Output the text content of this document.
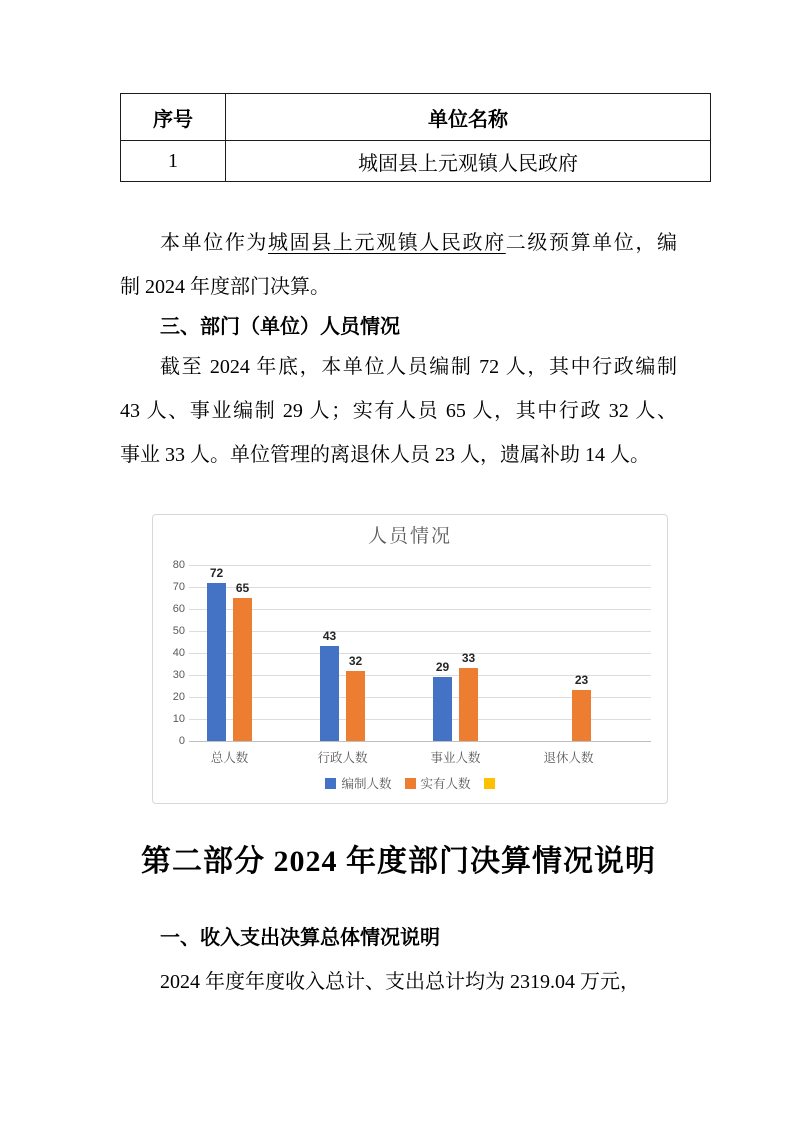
序号	单位名称
1	城固县上元观镇人民政府
本单位作为城固县上元观镇人民政府二级预算单位，编
制 2024 年度部门决算。
三、部门（单位）人员情况
截至 2024 年底，本单位人员编制 72 人，其中行政编制
43 人、事业编制 29 人；实有人员 65 人，其中行政 32 人、
事业 33 人。单位管理的离退休人员 23 人，遗属补助 14 人。
人员情况
0
10
20
30
40
50
60
70
80
72
65
43
32	29
33
23
总人数	行政人数	事业人数	退休人数
编制人数 实有人数
第二部分 2024 年度部门决算情况说明
一、收入支出决算总体情况说明
2024 年度年度收入总计、支出总计均为 2319.04 万元，
